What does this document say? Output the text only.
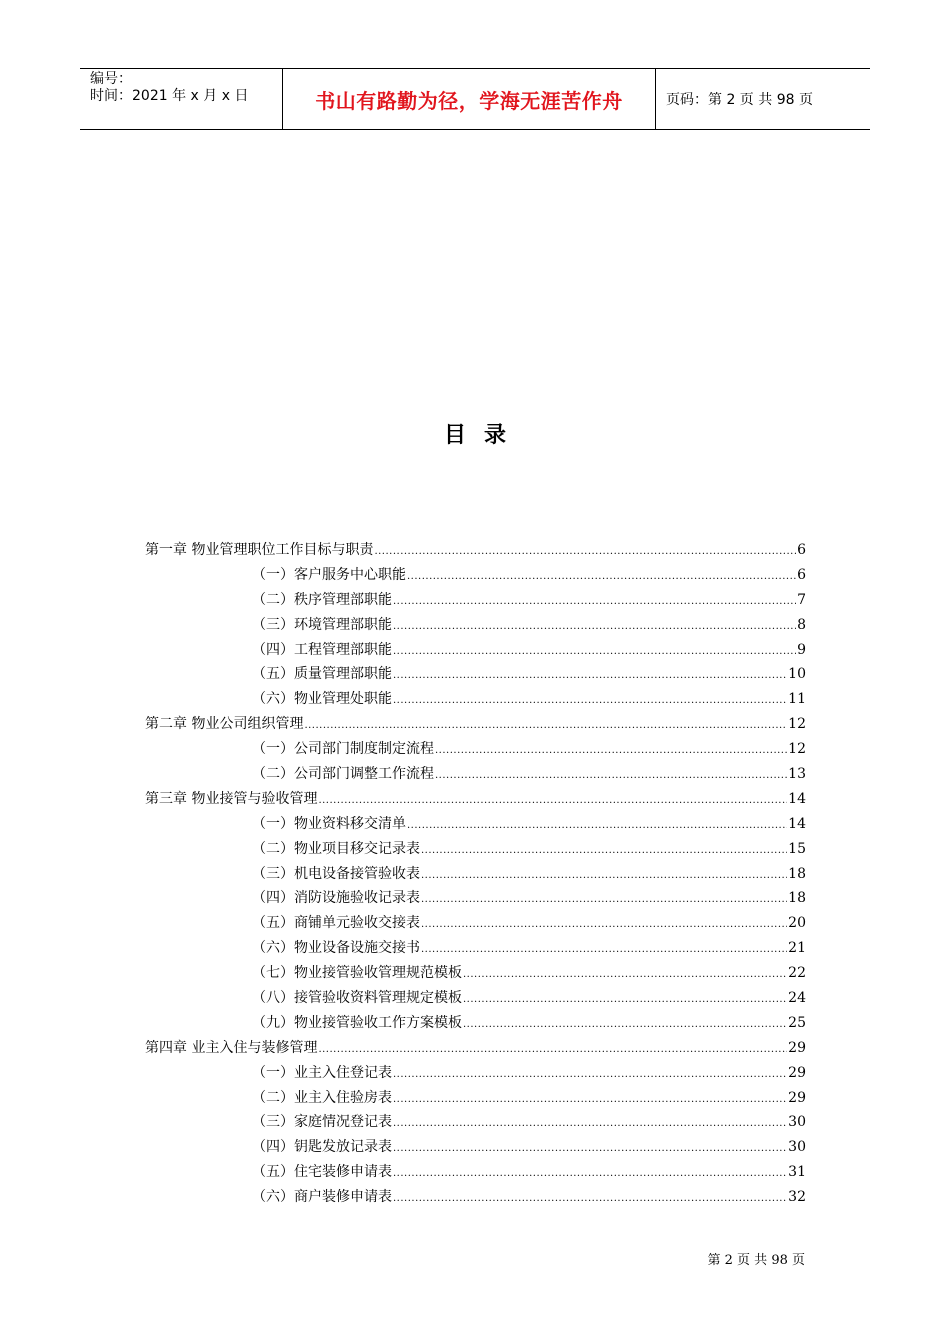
编号：
时间：2021 年 x 月 x 日	书山有路勤为径，学海无涯苦作舟	页码：第 2 页 共 98 页
目录
第一章 物业管理职位工作目标与职责 .....	6
（一）客户服务中心职能 .....	6
（二）秩序管理部职能 .....	7
（三）环境管理部职能 .....	8
（四）工程管理部职能 .....	9
（五）质量管理部职能 .....	10
（六）物业管理处职能 .....	11
第二章 物业公司组织管理 .....	12
（一）公司部门制度制定流程 .....	12
（二）公司部门调整工作流程 .....	13
第三章 物业接管与验收管理 .....	14
（一）物业资料移交清单 .....	14
（二）物业项目移交记录表 .....	15
（三）机电设备接管验收表 .....	18
（四）消防设施验收记录表 .....	18
（五）商铺单元验收交接表 .....	20
（六）物业设备设施交接书 .....	21
（七）物业接管验收管理规范模板 .....	22
（八）接管验收资料管理规定模板 .....	24
（九）物业接管验收工作方案模板 .....	25
第四章 业主入住与装修管理 .....	29
（一）业主入住登记表 .....	29
（二）业主入住验房表 .....	29
（三）家庭情况登记表 .....	30
（四）钥匙发放记录表 .....	30
（五）住宅装修申请表 .....	31
（六）商户装修申请表 .....	32
第 2 页 共 98 页
